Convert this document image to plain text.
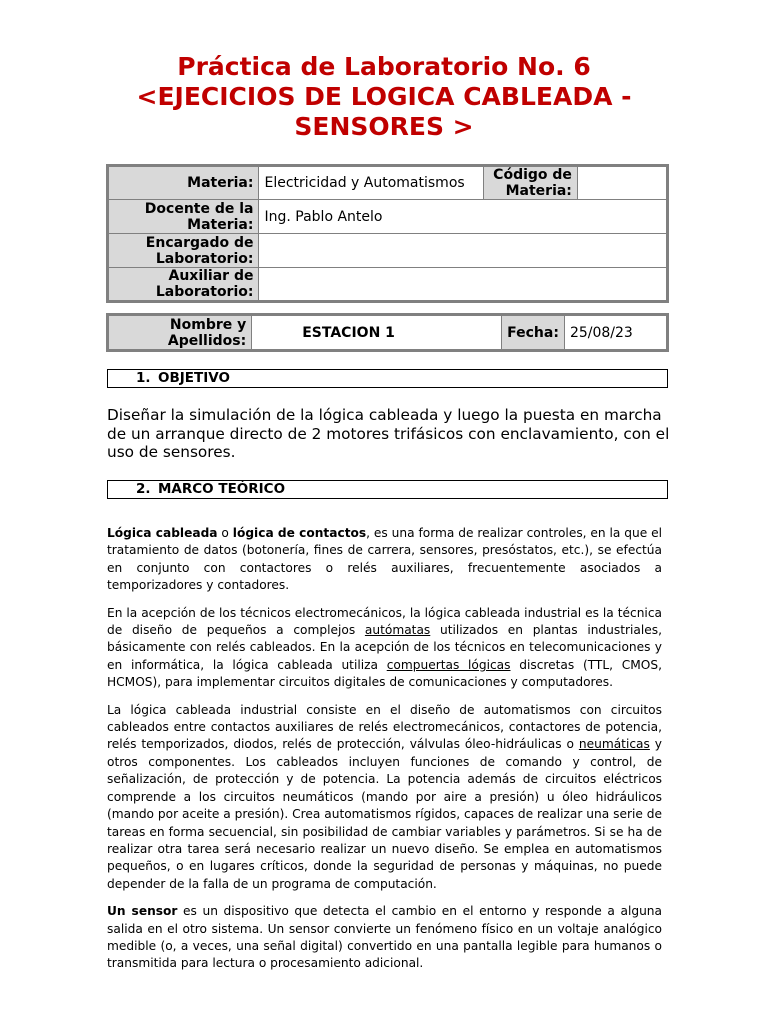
Práctica de Laboratorio No. 6
<EJECICIOS DE LOGICA CABLEADA -
SENSORES >
Materia:	Electricidad y Automatismos	Código de Materia:	
Docente de la Materia:	Ing. Pablo Antelo		
Encargado de Laboratorio:			
Auxiliar de Laboratorio:			
Nombre y Apellidos:	ESTACION 1	Fecha:	25/08/23
1. OBJETIVO

Diseñar la simulación de la lógica cableada y luego la puesta en marcha de un arranque directo de 2 motores trifásicos con enclavamiento, con el uso de sensores.

2. MARCO TEÓRICO

Lógica cableada o lógica de contactos, es una forma de realizar controles, en la que el tratamiento de datos (botonería, fines de carrera, sensores, presóstatos, etc.), se efectúa en conjunto con contactores o relés auxiliares, frecuentemente asociados a temporizadores y contadores.

En la acepción de los técnicos electromecánicos, la lógica cableada industrial es la técnica de diseño de pequeños a complejos autómatas utilizados en plantas industriales, básicamente con relés cableados. En la acepción de los técnicos en telecomunicaciones y en informática, la lógica cableada utiliza compuertas lógicas discretas (TTL, CMOS, HCMOS), para implementar circuitos digitales de comunicaciones y computadores.

La lógica cableada industrial consiste en el diseño de automatismos con circuitos cableados entre contactos auxiliares de relés electromecánicos, contactores de potencia, relés temporizados, diodos, relés de protección, válvulas óleo-hidráulicas o neumáticas y otros componentes. Los cableados incluyen funciones de comando y control, de señalización, de protección y de potencia. La potencia además de circuitos eléctricos comprende a los circuitos neumáticos (mando por aire a presión) u óleo hidráulicos (mando por aceite a presión). Crea automatismos rígidos, capaces de realizar una serie de tareas en forma secuencial, sin posibilidad de cambiar variables y parámetros. Si se ha de realizar otra tarea será necesario realizar un nuevo diseño. Se emplea en automatismos pequeños, o en lugares críticos, donde la seguridad de personas y máquinas, no puede depender de la falla de un programa de computación.

Un sensor es un dispositivo que detecta el cambio en el entorno y responde a alguna salida en el otro sistema. Un sensor convierte un fenómeno físico en un voltaje analógico medible (o, a veces, una señal digital) convertido en una pantalla legible para humanos o transmitida para lectura o procesamiento adicional.
